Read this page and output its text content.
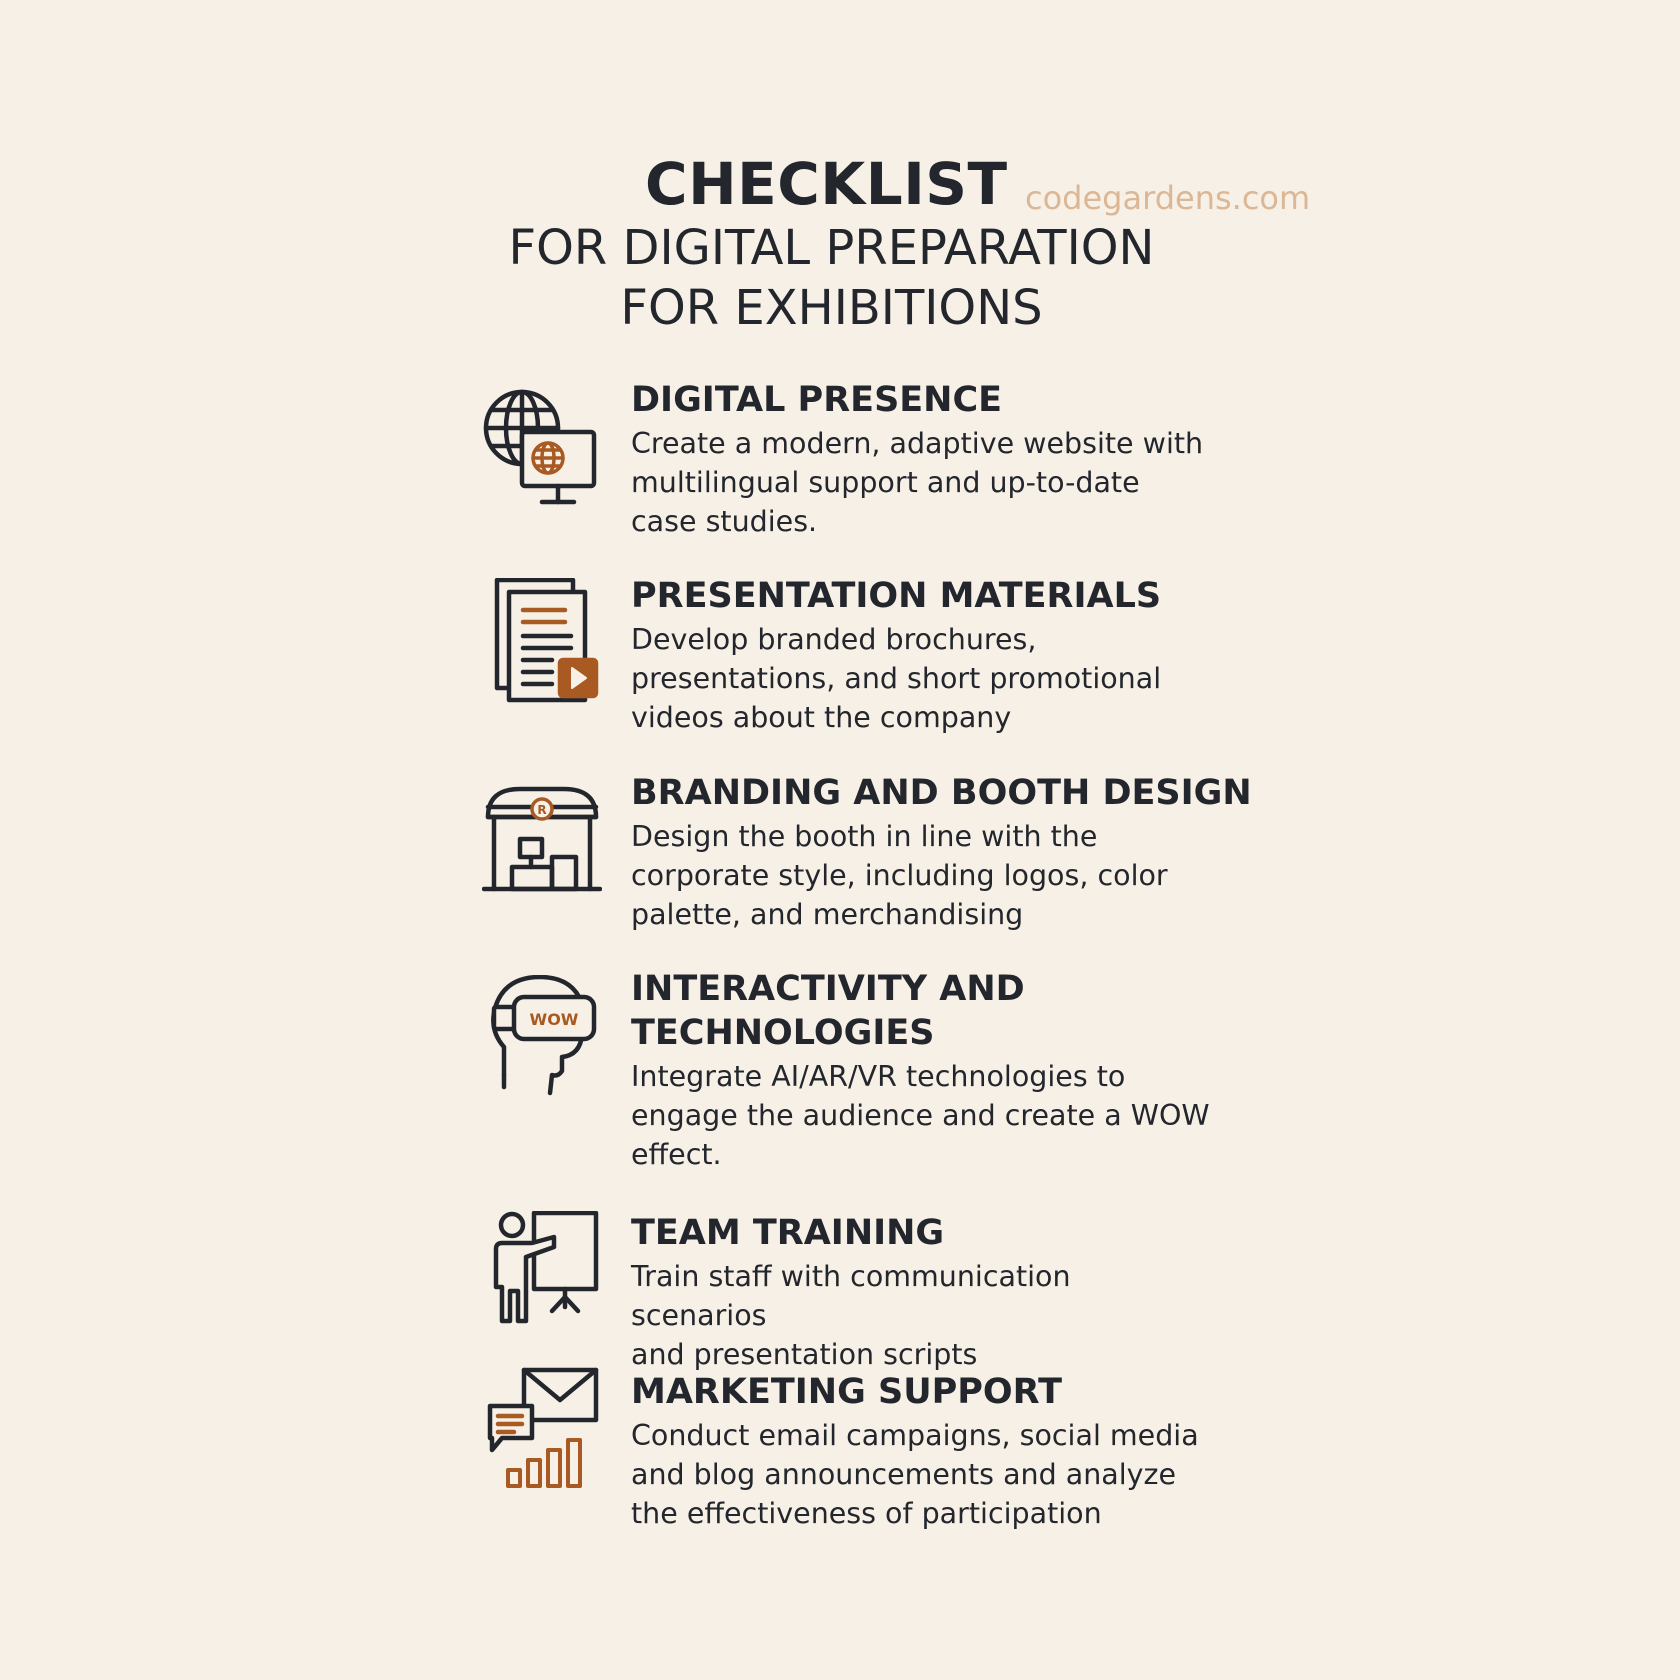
CHECKLIST codegardens.com
FOR DIGITAL PREPARATION
FOR EXHIBITIONS
DIGITAL PRESENCE
Create a modern, adaptive website with
multilingual support and up-to-date
case studies.
PRESENTATION MATERIALS
Develop branded brochures,
presentations, and short promotional
videos about the company
R BRANDING AND BOOTH DESIGN
Design the booth in line with the
corporate style, including logos, color
palette, and merchandising
WOW
INTERACTIVITY AND
TECHNOLOGIES
Integrate AI/AR/VR technologies to
engage the audience and create a WOW
effect.
TEAM TRAINING
Train staff with communication scenarios
and presentation scripts
MARKETING SUPPORT
Conduct email campaigns, social media
and blog announcements and analyze
the effectiveness of participation
